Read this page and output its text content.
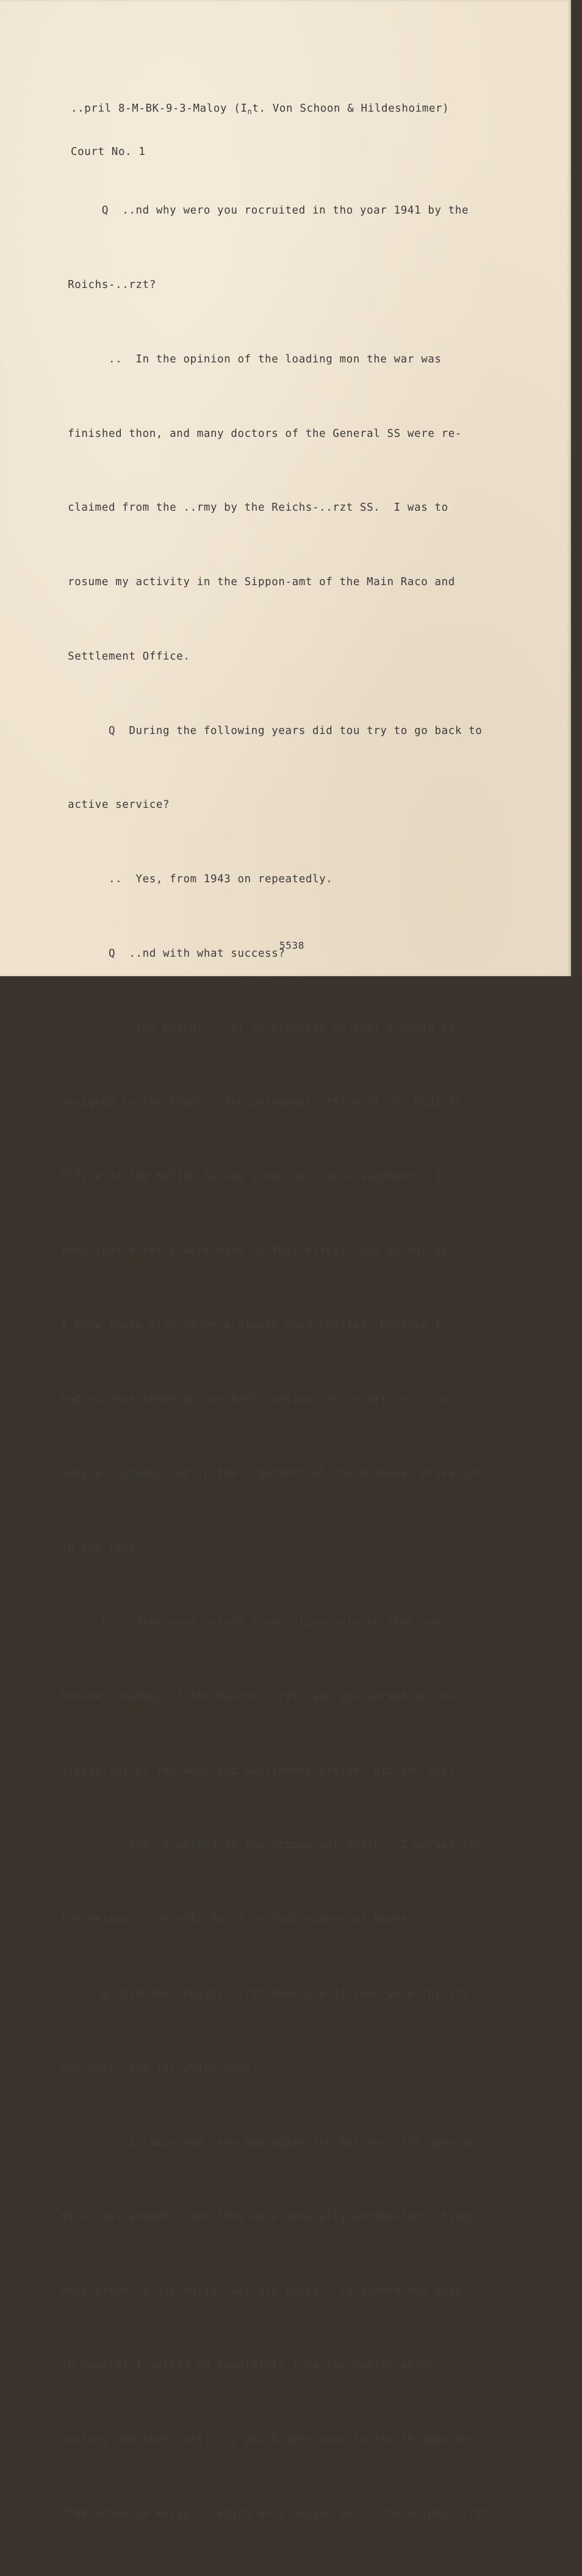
..pril 8-M-BK-9-3-Maloy ($I_nt$. Von Schoon & Hildeshoimer)

Court No. 1

Q  ..nd why wero you rocruited in tho yoar 1941 by the

Roichs-..rzt?

..  In the opinion of the loading mon the war was

finished thon, and many doctors of the General SS were re-

claimed from the ..rmy by the Reichs-..rzt SS.  I was to

rosume my activity in the Sippon-amt of the Main Raco and

Settlement Office.

Q  During the following years did tou try to go back to

active service?

..  Yes, from 1943 on repeatedly.

Q  ..nd with what success?

..  The Reichs-..rzt SS promised mo that I would bo

assigned to the Front.  The porsonnel office of the Medical

Office of the Waffen SS was given such an assignment.  I

know that efforts were made to this effect, but as far as

I know these efforts were always unsuccessful, because I

had no experience in the East, neither as an officer in a

medical company nor in the treatment of the diseases prevalent

in the East.

Q  ..fter your return from active service then you

became a member of the Reichs-..rzt, and you worked in the

Sippen-amt of the Race and Settlement Office, did you not?

..  Yes, I worked in the Sippen-amt again.  I worked for

the Reichs-..rzt only for a certain number of hours.

Q  Did the  Reichs-..rzt make use of your work for its

own work, and for which work.

..  It occurred  now and again the Reichs-..rzt gave me

minor assignments, and they were generally unimportant things.

Most often it was social welfare cases.  It turned out that

in general I worked on complaints from the public about

doctors and their activity which were sent to the SS magazine

"Das Schwarze Korps,"  which were passed on to the Reichs-..rzt.

5538
